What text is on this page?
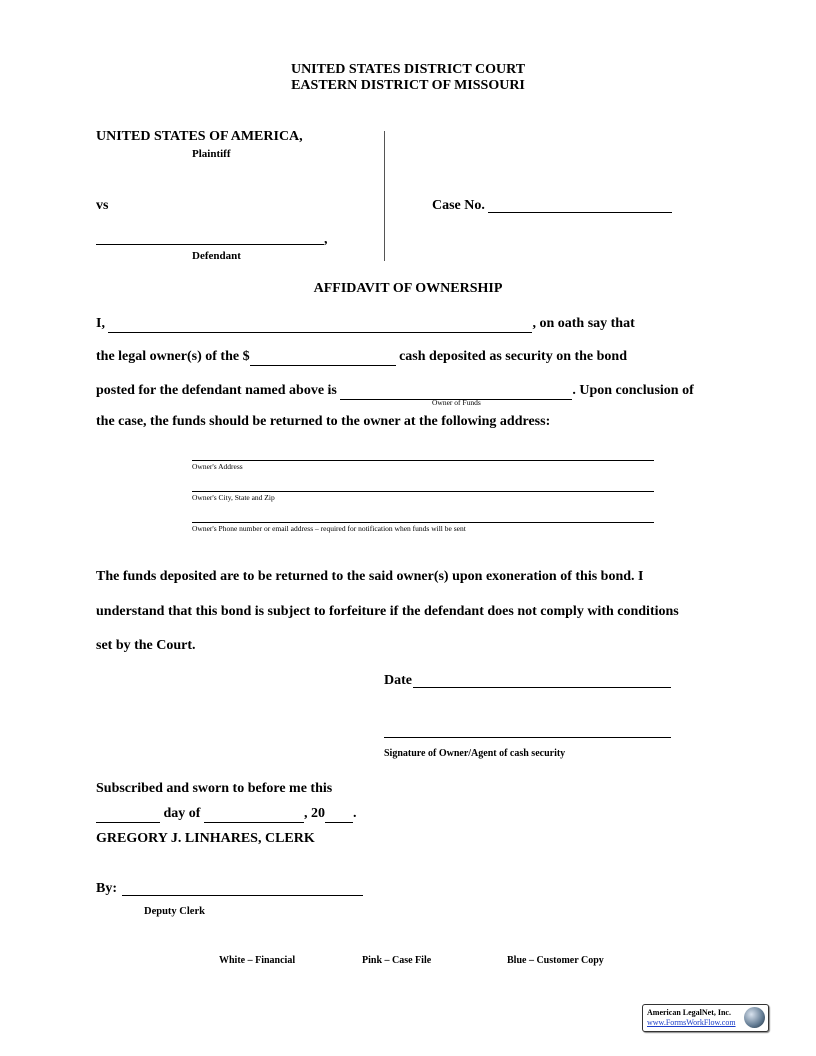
UNITED STATES DISTRICT COURT
EASTERN DISTRICT OF MISSOURI
UNITED STATES OF AMERICA,
Plaintiff
vs
,
Defendant
Case No.
AFFIDAVIT OF OWNERSHIP
I,	, on oath say that
the legal owner(s) of the $	cash deposited as security on the bond
posted for the defendant named above is	. Upon conclusion of
Owner of Funds
the case, the funds should be returned to the owner at the following address:
Owner's Address
Owner's City, State and Zip
Owner's Phone number or email address – required for notification when funds will be sent
The funds deposited are to be returned to the said owner(s) upon exoneration of this bond. I
understand that this bond is subject to forfeiture if the defendant does not comply with conditions
set by the Court.
Date
Signature of Owner/Agent of cash security
Subscribed and sworn to before me this
day of	, 20 .
GREGORY J. LINHARES, CLERK
By:
Deputy Clerk
White – Financial	Pink – Case File	Blue – Customer Copy
American LegalNet, Inc.
www.FormsWorkFlow.com
